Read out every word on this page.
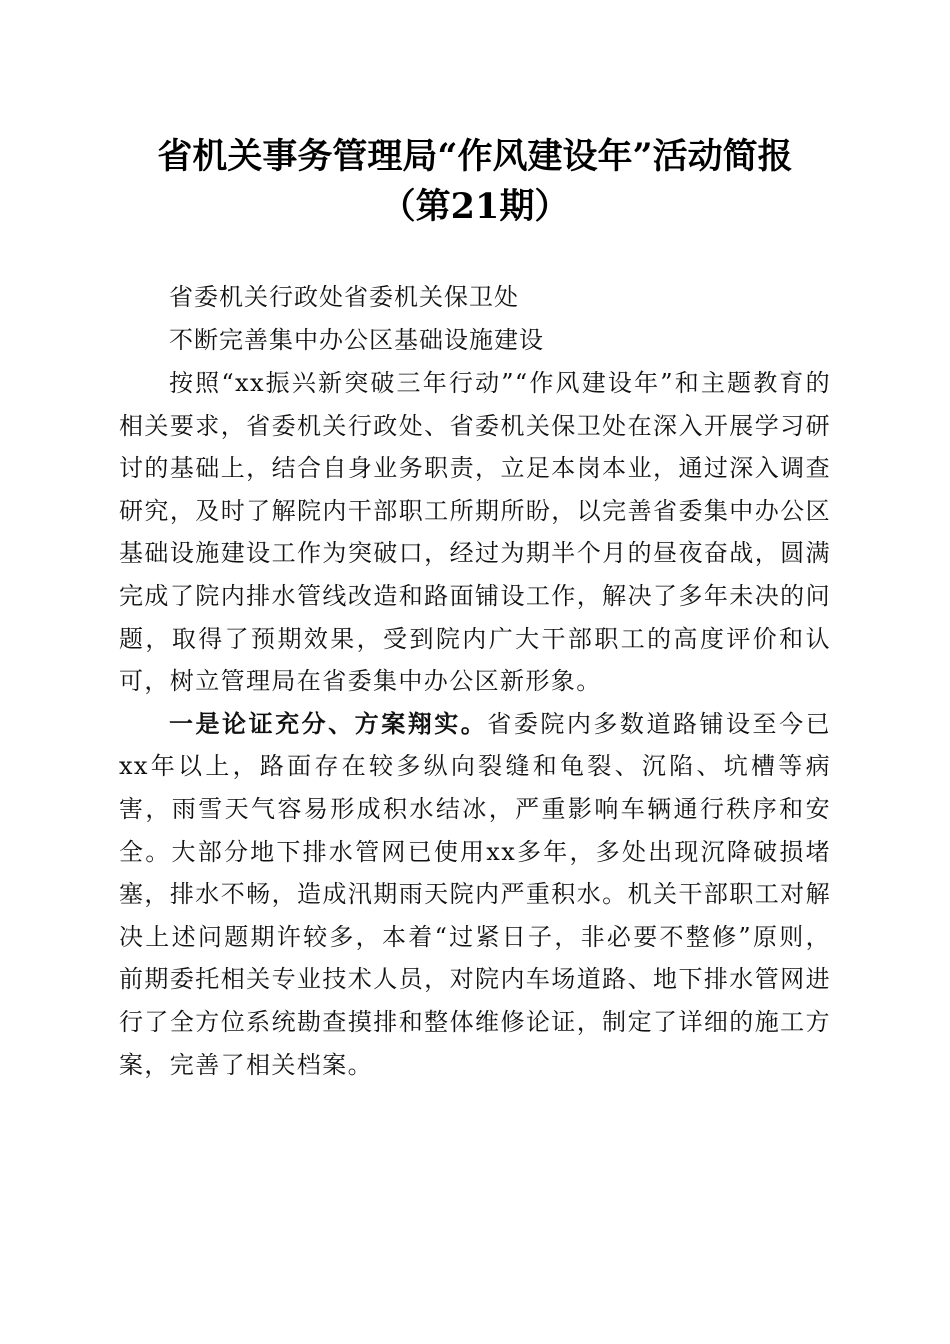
省机关事务管理局“作风建设年”活动简报
（第21期）
省委机关行政处省委机关保卫处
不断完善集中办公区基础设施建设

按照“xx振兴新突破三年行动”“作风建设年”和主题教育的相关要求，省委机关行政处、省委机关保卫处在深入开展学习研讨的基础上，结合自身业务职责，立足本岗本业，通过深入调查研究，及时了解院内干部职工所期所盼，以完善省委集中办公区基础设施建设工作为突破口，经过为期半个月的昼夜奋战，圆满完成了院内排水管线改造和路面铺设工作，解决了多年未决的问题，取得了预期效果，受到院内广大干部职工的高度评价和认可，树立管理局在省委集中办公区新形象。

一是论证充分、方案翔实。省委院内多数道路铺设至今已xx年以上，路面存在较多纵向裂缝和龟裂、沉陷、坑槽等病害，雨雪天气容易形成积水结冰，严重影响车辆通行秩序和安全。大部分地下排水管网已使用xx多年，多处出现沉降破损堵塞，排水不畅，造成汛期雨天院内严重积水。机关干部职工对解决上述问题期许较多，本着“过紧日子，非必要不整修”原则，前期委托相关专业技术人员，对院内车场道路、地下排水管网进行了全方位系统勘查摸排和整体维修论证，制定了详细的施工方案，完善了相关档案。
